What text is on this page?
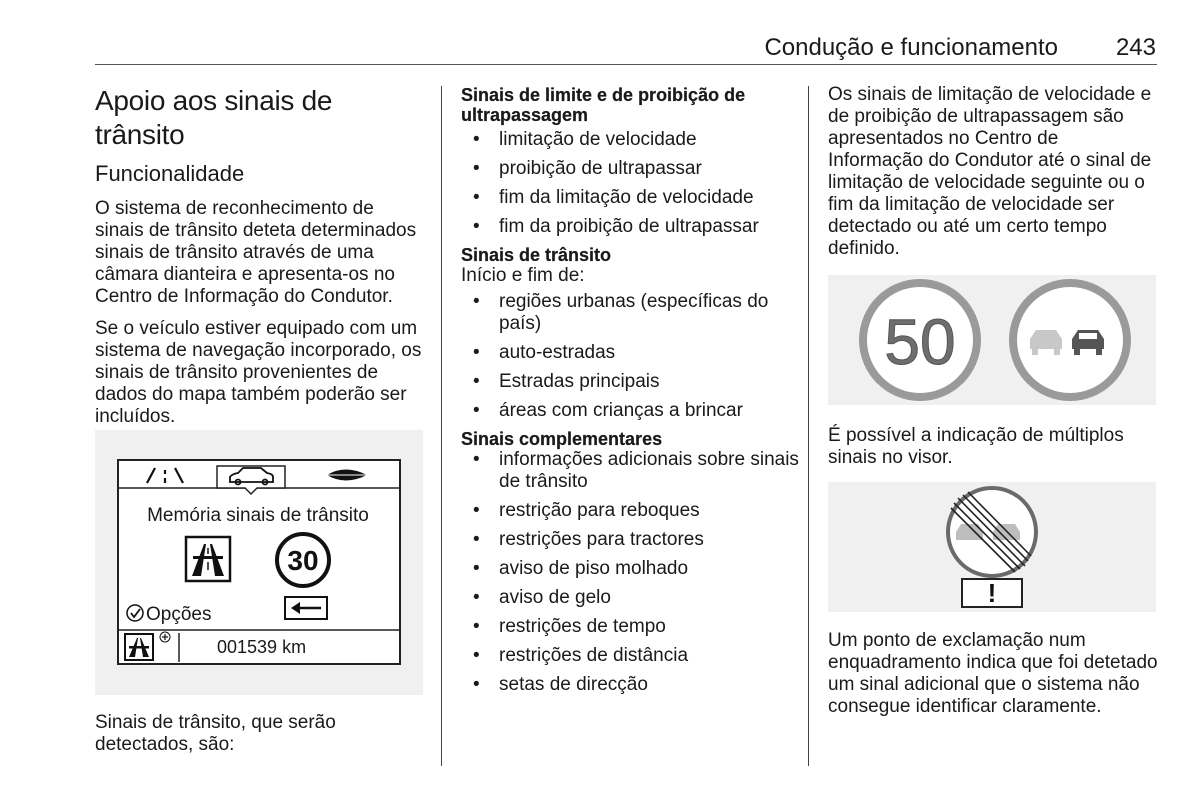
Condução e funcionamento 243
Apoio aos sinais de trânsito
Funcionalidade

O sistema de reconhecimento de sinais de trânsito deteta determinados sinais de trânsito através de uma câmara dianteira e apresenta-os no Centro de Informação do Condutor.

Se o veículo estiver equipado com um sistema de navegação incorporado, os sinais de trânsito provenientes de dados do mapa também poderão ser incluídos.

Memória sinais de trânsito
30
Opções
001539 km

Sinais de trânsito, que serão detectados, são:

Sinais de limite e de proibição de ultrapassagem
• limitação de velocidade
• proibição de ultrapassar
• fim da limitação de velocidade
• fim da proibição de ultrapassar
Sinais de trânsito

Início e fim de:

• regiões urbanas (específicas do país)
• auto-estradas
• Estradas principais
• áreas com crianças a brincar
Sinais complementares
• informações adicionais sobre sinais de trânsito
• restrição para reboques
• restrições para tractores
• aviso de piso molhado
• aviso de gelo
• restrições de tempo
• restrições de distância
• setas de direcção

Os sinais de limitação de velocidade e de proibição de ultrapassagem são apresentados no Centro de Informação do Condutor até o sinal de limitação de velocidade seguinte ou o fim da limitação de velocidade ser detectado ou até um certo tempo definido.

50

É possível a indicação de múltiplos sinais no visor.

!

Um ponto de exclamação num enquadramento indica que foi detetado um sinal adicional que o sistema não consegue identificar claramente.
